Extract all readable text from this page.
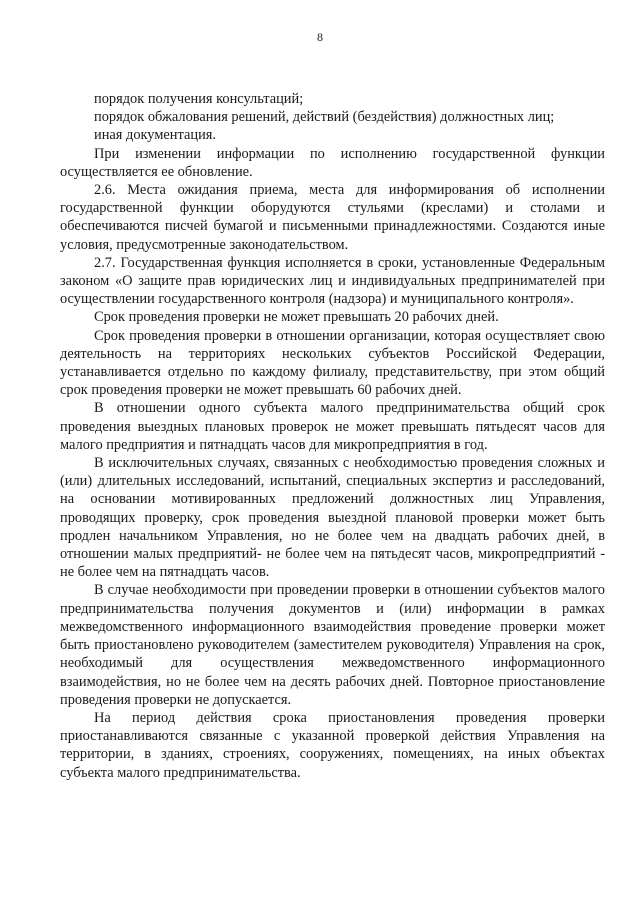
8

порядок получения консультаций;

порядок обжалования решений, действий (бездействия) должностных лиц;

иная документация.

При изменении информации по исполнению государственной функции осуществляется ее обновление.

2.6. Места ожидания приема, места для информирования об исполнении государственной функции оборудуются стульями (креслами) и столами и обеспечиваются писчей бумагой и письменными принадлежностями. Создаются иные условия, предусмотренные законодательством.

2.7. Государственная функция исполняется в сроки, установленные Федеральным законом «О защите прав юридических лиц и индивидуальных предпринимателей при осуществлении государственного контроля (надзора) и муниципального контроля».

Срок проведения проверки не может превышать 20 рабочих дней.

Срок проведения проверки в отношении организации, которая осуществляет свою деятельность на территориях нескольких субъектов Российской Федерации, устанавливается отдельно по каждому филиалу, представительству, при этом общий срок проведения проверки не может превышать 60 рабочих дней.

В отношении одного субъекта малого предпринимательства общий срок проведения выездных плановых проверок не может превышать пятьдесят часов для малого предприятия и пятнадцать часов для микропредприятия в год.

В исключительных случаях, связанных с необходимостью проведения сложных и (или) длительных исследований, испытаний, специальных экспертиз и расследований, на основании мотивированных предложений должностных лиц Управления, проводящих проверку, срок проведения выездной плановой проверки может быть продлен начальником Управления, но не более чем на двадцать рабочих дней, в отношении малых предприятий- не более чем на пятьдесят часов, микропредприятий - не более чем на пятнадцать часов.

В случае необходимости при проведении проверки в отношении субъектов малого предпринимательства получения документов и (или) информации в рамках межведомственного информационного взаимодействия проведение проверки может быть приостановлено руководителем (заместителем руководителя) Управления на срок, необходимый для осуществления межведомственного информационного взаимодействия, но не более чем на десять рабочих дней. Повторное приостановление проведения проверки не допускается.

На период действия срока приостановления проведения проверки приостанавливаются связанные с указанной проверкой действия Управления на территории, в зданиях, строениях, сооружениях, помещениях, на иных объектах субъекта малого предпринимательства.
